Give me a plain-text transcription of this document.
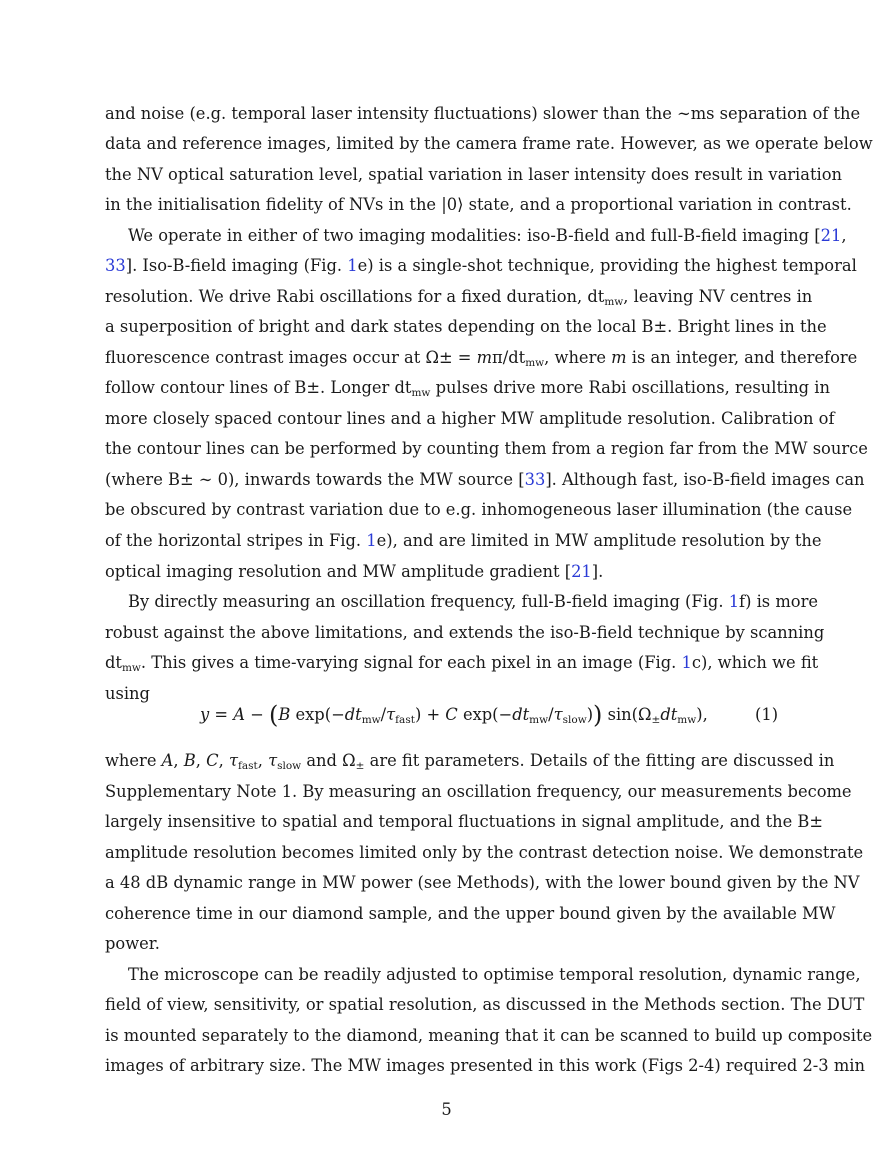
and noise (e.g. temporal laser intensity fluctuations) slower than the ∼ms separation of the
data and reference images, limited by the camera frame rate. However, as we operate below
the NV optical saturation level, spatial variation in laser intensity does result in variation
in the initialisation fidelity of NVs in the |0⟩ state, and a proportional variation in contrast.
We operate in either of two imaging modalities: iso-B-field and full-B-field imaging [21,
33]. Iso-B-field imaging (Fig. 1e) is a single-shot technique, providing the highest temporal
resolution. We drive Rabi oscillations for a fixed duration, $dt_{mw}$, leaving NV centres in
a superposition of bright and dark states depending on the local B±. Bright lines in the
fluorescence contrast images occur at $\Omega\pm = m\pi/dt_{mw}$, where m is an integer, and therefore
follow contour lines of B±. Longer $dt_{mw}$ pulses drive more Rabi oscillations, resulting in
more closely spaced contour lines and a higher MW amplitude resolution. Calibration of
the contour lines can be performed by counting them from a region far from the MW source
(where B± ∼ 0), inwards towards the MW source [33]. Although fast, iso-B-field images can
be obscured by contrast variation due to e.g. inhomogeneous laser illumination (the cause
of the horizontal stripes in Fig. 1e), and are limited in MW amplitude resolution by the
optical imaging resolution and MW amplitude gradient [21].
By directly measuring an oscillation frequency, full-B-field imaging (Fig. 1f) is more
robust against the above limitations, and extends the iso-B-field technique by scanning
$dt_{mw}$. This gives a time-varying signal for each pixel in an image (Fig. 1c), which we fit
using
y = A − (B $\exp(-dt_{mw}/\tau_{fast}) + C$ $\exp(-dt_{mw}/\tau_{slow})$) $\sin(\Omega_\pm dt_{mw})$,	(1)
where A, B, C, $\tau_{fast}$, $\tau_{slow}$ and $\Omega_\pm$ are fit parameters. Details of the fitting are discussed in
Supplementary Note 1. By measuring an oscillation frequency, our measurements become
largely insensitive to spatial and temporal fluctuations in signal amplitude, and the B±
amplitude resolution becomes limited only by the contrast detection noise. We demonstrate
a 48 dB dynamic range in MW power (see Methods), with the lower bound given by the NV
coherence time in our diamond sample, and the upper bound given by the available MW
power.
The microscope can be readily adjusted to optimise temporal resolution, dynamic range,
field of view, sensitivity, or spatial resolution, as discussed in the Methods section. The DUT
is mounted separately to the diamond, meaning that it can be scanned to build up composite
images of arbitrary size. The MW images presented in this work (Figs 2-4) required 2-3 min
5
